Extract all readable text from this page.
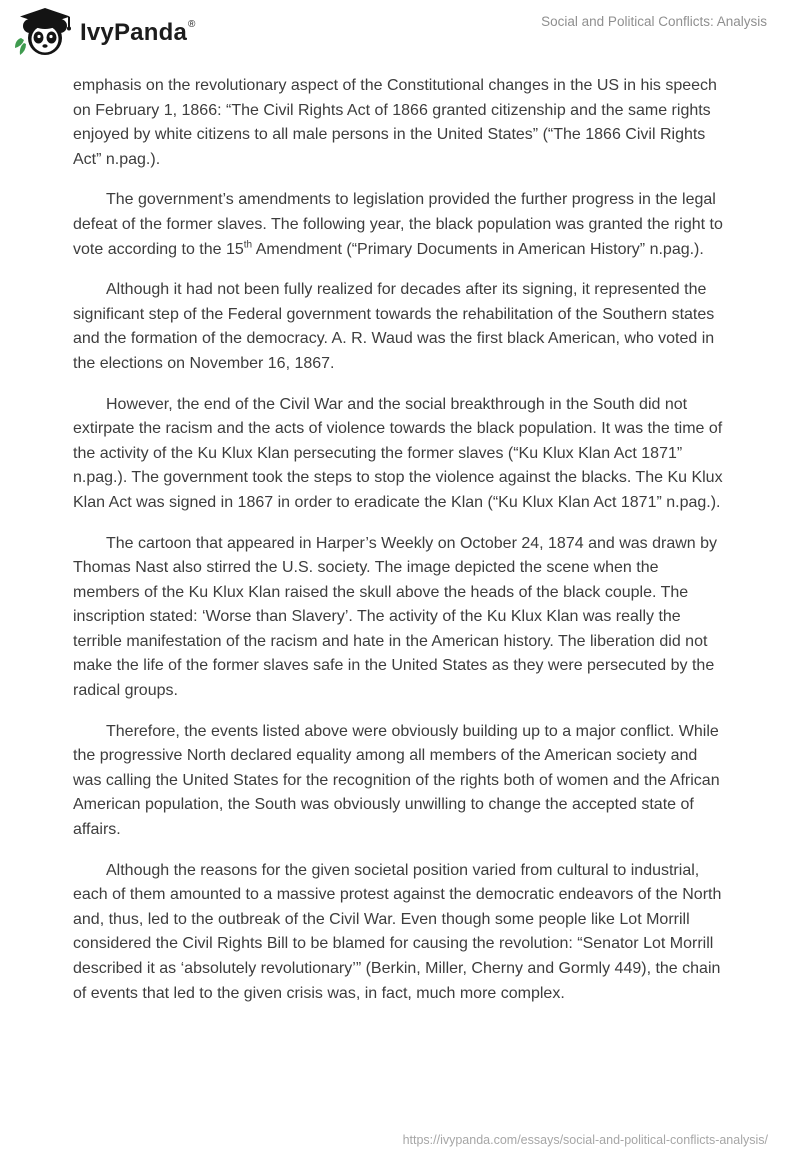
IvyPanda ®	Social and Political Conflicts: Analysis

emphasis on the revolutionary aspect of the Constitutional changes in the US in his speech on February 1, 1866: “The Civil Rights Act of 1866 granted citizenship and the same rights enjoyed by white citizens to all male persons in the United States” (“The 1866 Civil Rights Act” n.pag.).

The government’s amendments to legislation provided the further progress in the legal defeat of the former slaves. The following year, the black population was granted the right to vote according to the 15th Amendment (“Primary Documents in American History” n.pag.).

Although it had not been fully realized for decades after its signing, it represented the significant step of the Federal government towards the rehabilitation of the Southern states and the formation of the democracy. A. R. Waud was the first black American, who voted in the elections on November 16, 1867.

However, the end of the Civil War and the social breakthrough in the South did not extirpate the racism and the acts of violence towards the black population. It was the time of the activity of the Ku Klux Klan persecuting the former slaves (“Ku Klux Klan Act 1871” n.pag.). The government took the steps to stop the violence against the blacks. The Ku Klux Klan Act was signed in 1867 in order to eradicate the Klan (“Ku Klux Klan Act 1871” n.pag.).

The cartoon that appeared in Harper’s Weekly on October 24, 1874 and was drawn by Thomas Nast also stirred the U.S. society. The image depicted the scene when the members of the Ku Klux Klan raised the skull above the heads of the black couple. The inscription stated: ‘Worse than Slavery’. The activity of the Ku Klux Klan was really the terrible manifestation of the racism and hate in the American history. The liberation did not make the life of the former slaves safe in the United States as they were persecuted by the radical groups.

Therefore, the events listed above were obviously building up to a major conflict. While the progressive North declared equality among all members of the American society and was calling the United States for the recognition of the rights both of women and the African American population, the South was obviously unwilling to change the accepted state of affairs.

Although the reasons for the given societal position varied from cultural to industrial, each of them amounted to a massive protest against the democratic endeavors of the North and, thus, led to the outbreak of the Civil War. Even though some people like Lot Morrill considered the Civil Rights Bill to be blamed for causing the revolution: “Senator Lot Morrill described it as ‘absolutely revolutionary’” (Berkin, Miller, Cherny and Gormly 449), the chain of events that led to the given crisis was, in fact, much more complex.

https://ivypanda.com/essays/social-and-political-conflicts-analysis/
